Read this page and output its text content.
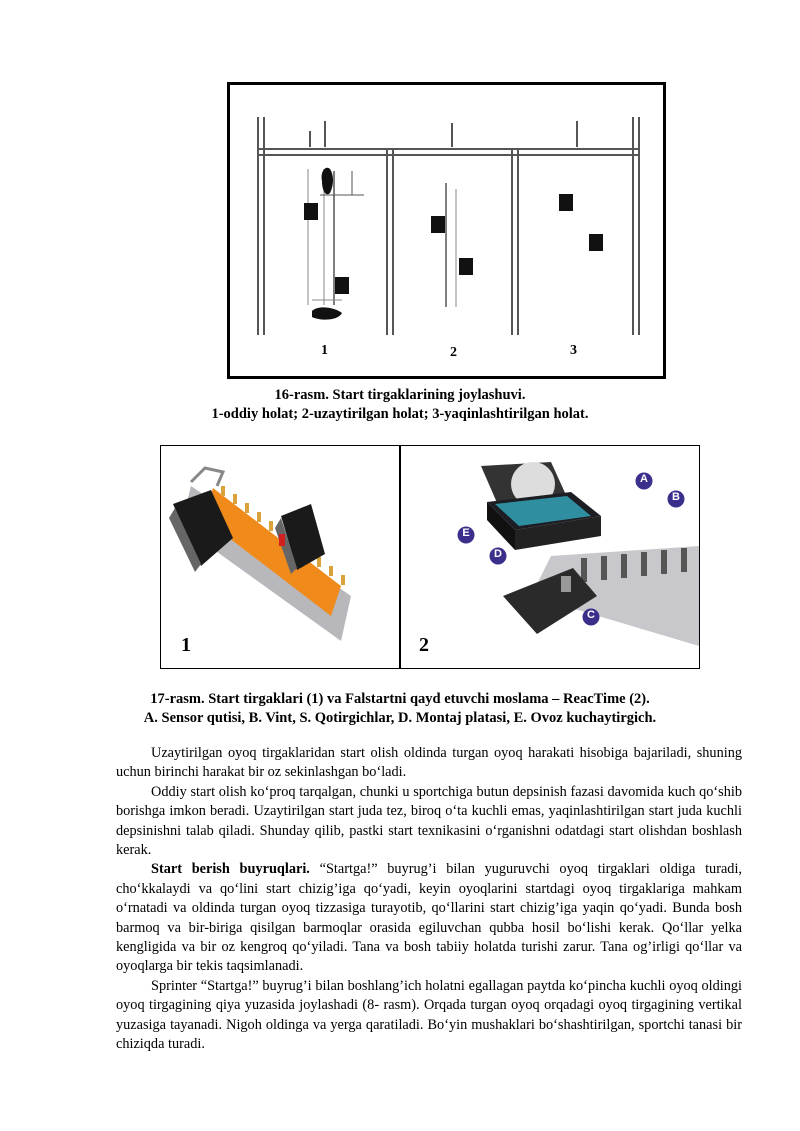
1	2	3
16-rasm. Start tirgaklarining joylashuvi.
1-oddiy holat; 2-uzaytirilgan holat; 3-yaqinlashtirilgan holat.
1
A
B
C
D
E
2
17-rasm. Start tirgaklari (1) va Falstartni qayd etuvchi moslama – ReacTime (2).
A. Sensor qutisi, B. Vint, S. Qotirgichlar, D. Montaj platasi, E. Ovoz kuchaytirgich.

Uzaytirilgan oyoq tirgaklaridan start olish oldinda turgan oyoq harakati hisobiga bajariladi, shuning uchun birinchi harakat bir oz sekinlashgan bo‘ladi.

Oddiy start olish ko‘proq tarqalgan, chunki u sportchiga butun depsinish fazasi davomida kuch qo‘shib borishga imkon beradi. Uzaytirilgan start juda tez, biroq o‘ta kuchli emas, yaqinlashtirilgan start juda kuchli depsinishni talab qiladi. Shunday qilib, pastki start texnikasini o‘rganishni odatdagi start olishdan boshlash kerak.

Start berish buyruqlari. “Startga!” buyrug’i bilan yuguruvchi oyoq tirgaklari oldiga turadi, cho‘kkalaydi va qo‘lini start chizig’iga qo‘yadi, keyin oyoqlarini startdagi oyoq tirgaklariga mahkam o‘rnatadi va oldinda turgan oyoq tizzasiga turayotib, qo‘llarini start chizig’iga yaqin qo‘yadi. Bunda bosh barmoq va bir-biriga qisilgan barmoqlar orasida egiluvchan qubba hosil bo‘lishi kerak. Qo‘llar yelka kengligida va bir oz kengroq qo‘yiladi. Tana va bosh tabiiy holatda turishi zarur. Tana og’irligi qo‘llar va oyoqlarga bir tekis taqsimlanadi.

Sprinter “Startga!” buyrug’i bilan boshlang’ich holatni egallagan paytda ko‘pincha kuchli oyoq oldingi oyoq tirgagining qiya yuzasida joylashadi (8- rasm). Orqada turgan oyoq orqadagi oyoq tirgagining vertikal yuzasiga tayanadi. Nigoh oldinga va yerga qaratiladi. Bo‘yin mushaklari bo‘shashtirilgan, sportchi tanasi bir chiziqda turadi.
